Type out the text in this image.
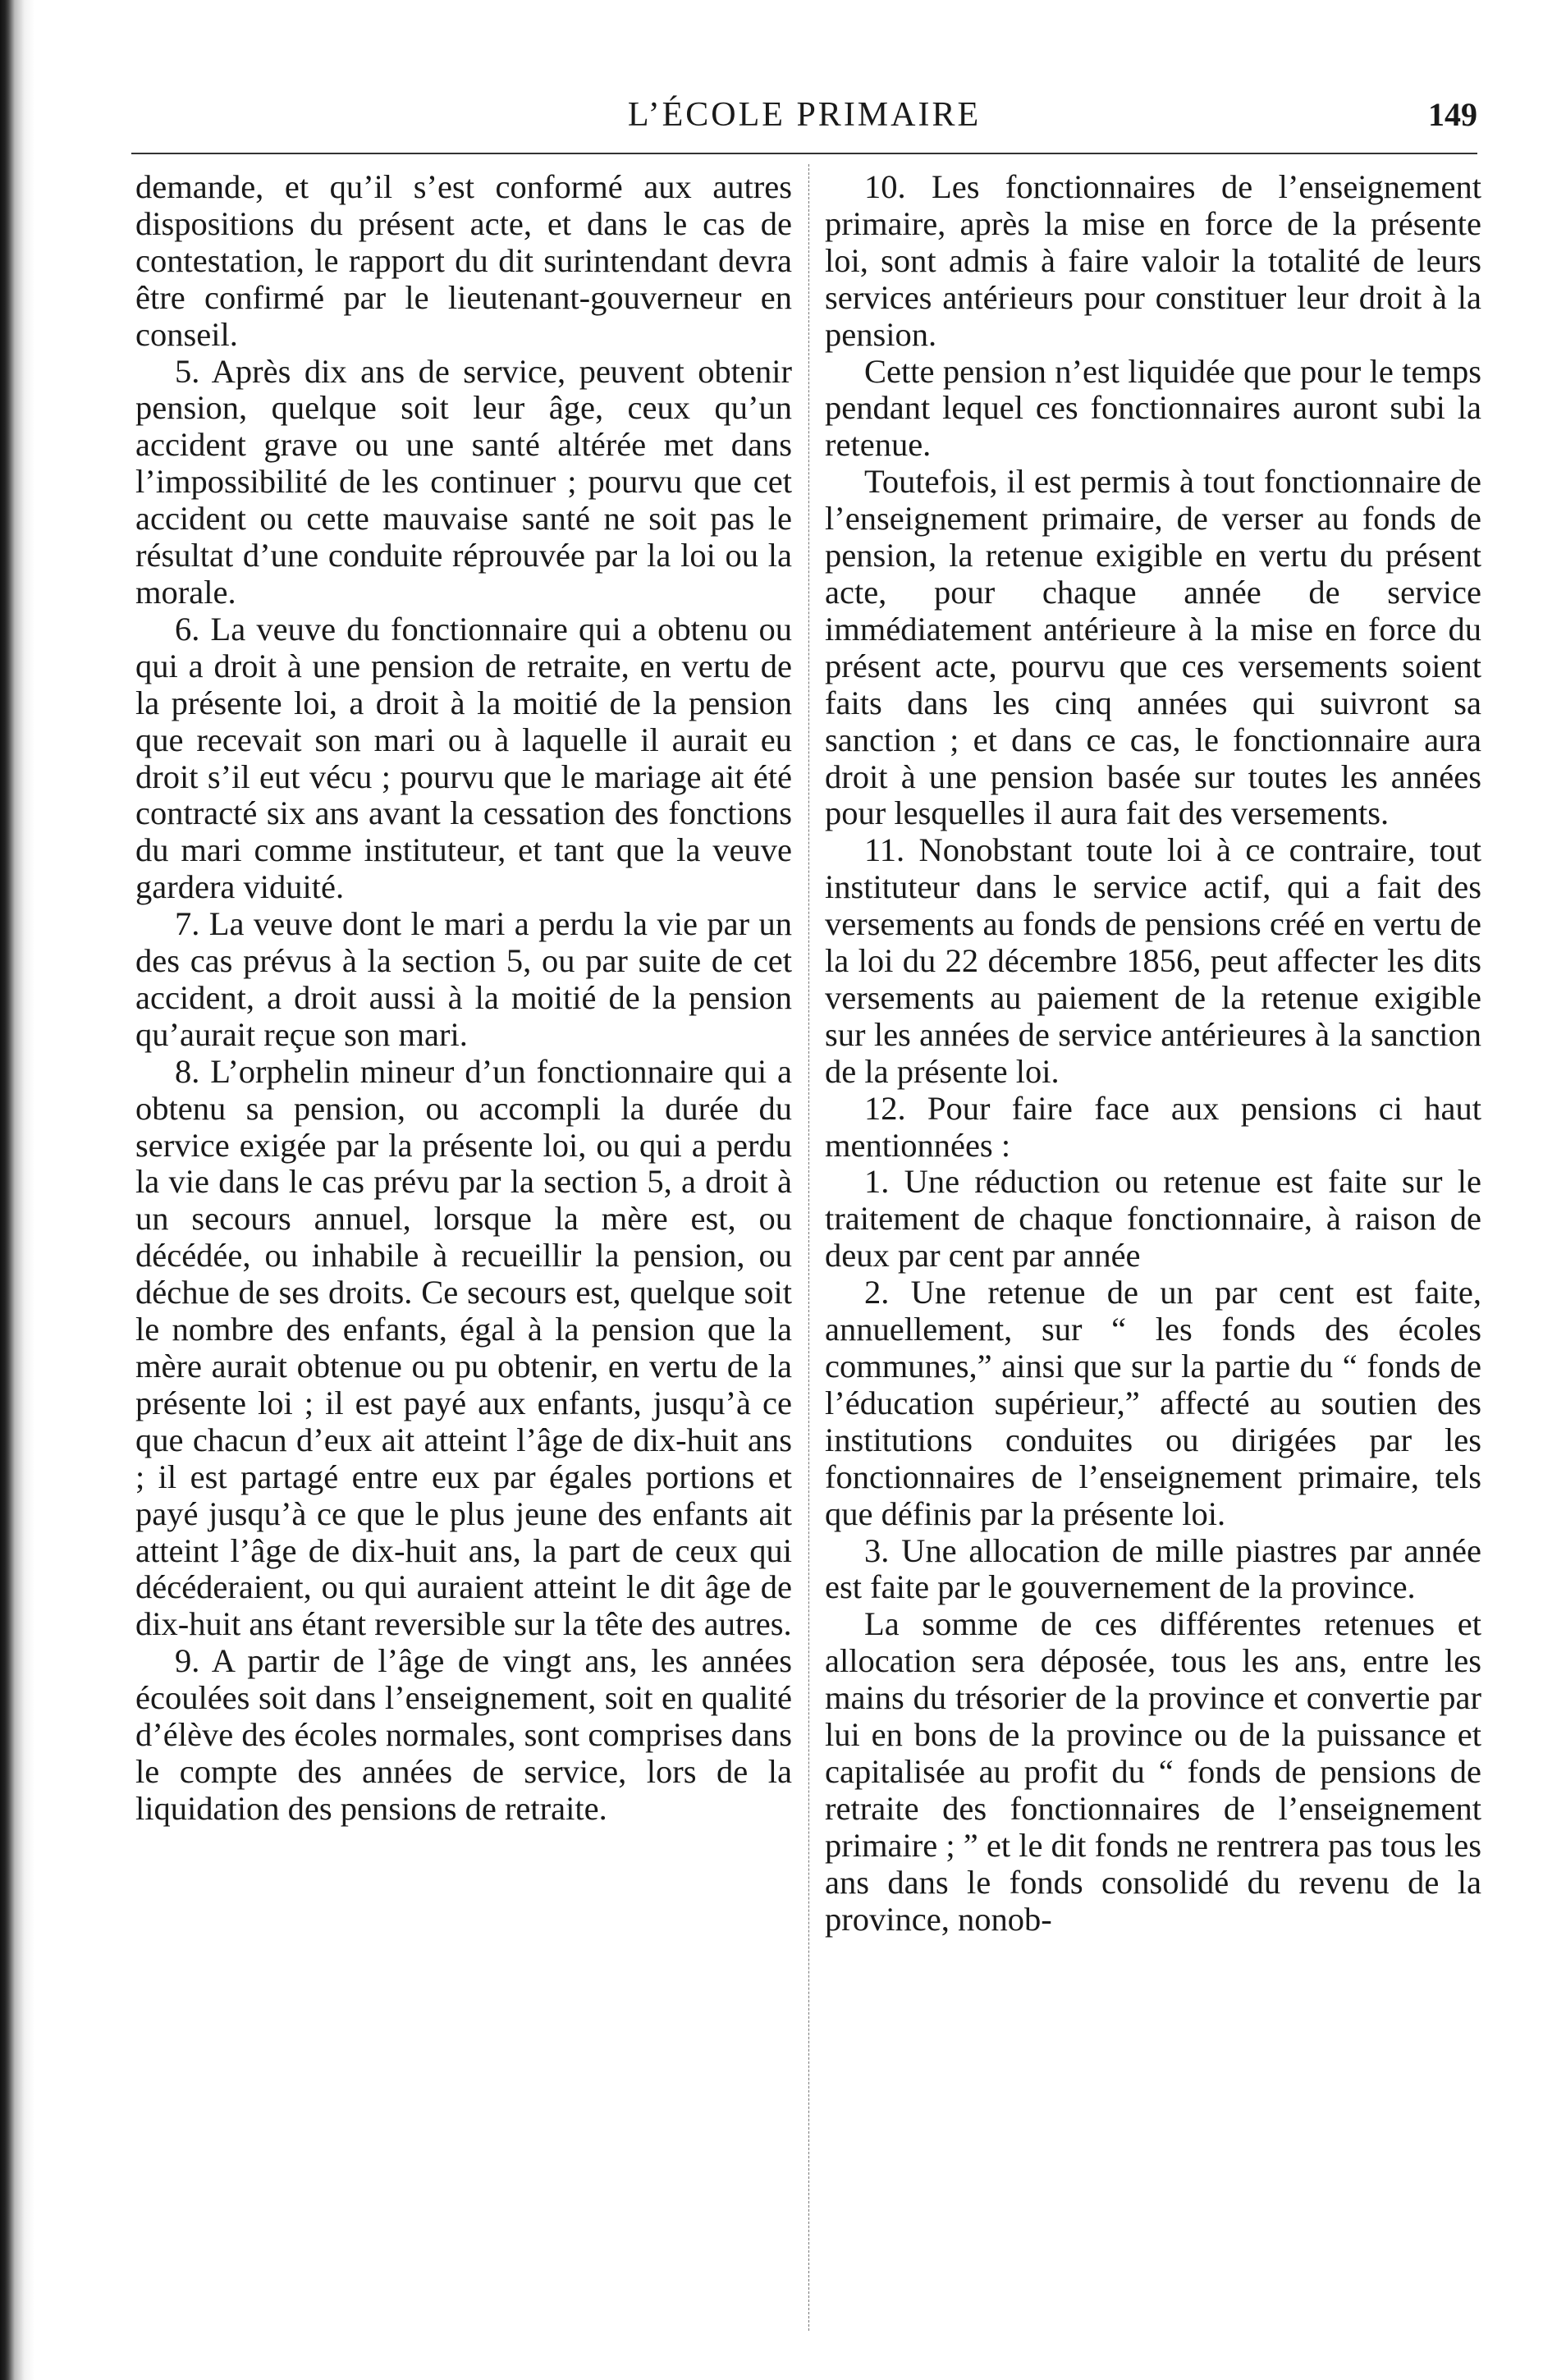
L’ÉCOLE PRIMAIRE	149

demande, et qu’il s’est conformé aux autres dispositions du présent acte, et dans le cas de contestation, le rapport du dit surintendant devra être confirmé par le lieutenant-gouverneur en conseil.

5. Après dix ans de service, peuvent obtenir pension, quelque soit leur âge, ceux qu’un accident grave ou une santé altérée met dans l’impossibilité de les continuer ; pourvu que cet accident ou cette mauvaise santé ne soit pas le résultat d’une conduite réprouvée par la loi ou la morale.

6. La veuve du fonctionnaire qui a obtenu ou qui a droit à une pension de retraite, en vertu de la présente loi, a droit à la moitié de la pension que recevait son mari ou à laquelle il aurait eu droit s’il eut vécu ; pourvu que le mariage ait été contracté six ans avant la cessation des fonctions du mari comme instituteur, et tant que la veuve gardera viduité.

7. La veuve dont le mari a perdu la vie par un des cas prévus à la section 5, ou par suite de cet accident, a droit aussi à la moitié de la pension qu’aurait reçue son mari.

8. L’orphelin mineur d’un fonctionnaire qui a obtenu sa pension, ou accompli la durée du service exigée par la présente loi, ou qui a perdu la vie dans le cas prévu par la section 5, a droit à un secours annuel, lorsque la mère est, ou décédée, ou inhabile à recueillir la pension, ou déchue de ses droits. Ce secours est, quelque soit le nombre des enfants, égal à la pension que la mère aurait obtenue ou pu obtenir, en vertu de la présente loi ; il est payé aux enfants, jusqu’à ce que chacun d’eux ait atteint l’âge de dix-huit ans ; il est partagé entre eux par égales portions et payé jusqu’à ce que le plus jeune des enfants ait atteint l’âge de dix-huit ans, la part de ceux qui décéderaient, ou qui auraient atteint le dit âge de dix-huit ans étant reversible sur la tête des autres.

9. A partir de l’âge de vingt ans, les années écoulées soit dans l’enseignement, soit en qualité d’élève des écoles normales, sont comprises dans le compte des années de service, lors de la liquidation des pensions de retraite.

10. Les fonctionnaires de l’enseignement primaire, après la mise en force de la présente loi, sont admis à faire valoir la totalité de leurs services antérieurs pour constituer leur droit à la pension.

Cette pension n’est liquidée que pour le temps pendant lequel ces fonctionnaires auront subi la retenue.

Toutefois, il est permis à tout fonctionnaire de l’enseignement primaire, de verser au fonds de pension, la retenue exigible en vertu du présent acte, pour chaque année de service immédiatement antérieure à la mise en force du présent acte, pourvu que ces versements soient faits dans les cinq années qui suivront sa sanction ; et dans ce cas, le fonctionnaire aura droit à une pension basée sur toutes les années pour lesquelles il aura fait des versements.

11. Nonobstant toute loi à ce contraire, tout instituteur dans le service actif, qui a fait des versements au fonds de pensions créé en vertu de la loi du 22 décembre 1856, peut affecter les dits versements au paiement de la retenue exigible sur les années de service antérieures à la sanction de la présente loi.

12. Pour faire face aux pensions ci haut mentionnées :

1. Une réduction ou retenue est faite sur le traitement de chaque fonctionnaire, à raison de deux par cent par année

2. Une retenue de un par cent est faite, annuellement, sur “ les fonds des écoles communes,” ainsi que sur la partie du “ fonds de l’éducation supérieur,” affecté au soutien des institutions conduites ou dirigées par les fonctionnaires de l’enseignement primaire, tels que définis par la présente loi.

3. Une allocation de mille piastres par année est faite par le gouvernement de la province.

La somme de ces différentes retenues et allocation sera déposée, tous les ans, entre les mains du trésorier de la province et convertie par lui en bons de la province ou de la puissance et capitalisée au profit du “ fonds de pensions de retraite des fonctionnaires de l’enseignement primaire ; ” et le dit fonds ne rentrera pas tous les ans dans le fonds consolidé du revenu de la province, nonob-
